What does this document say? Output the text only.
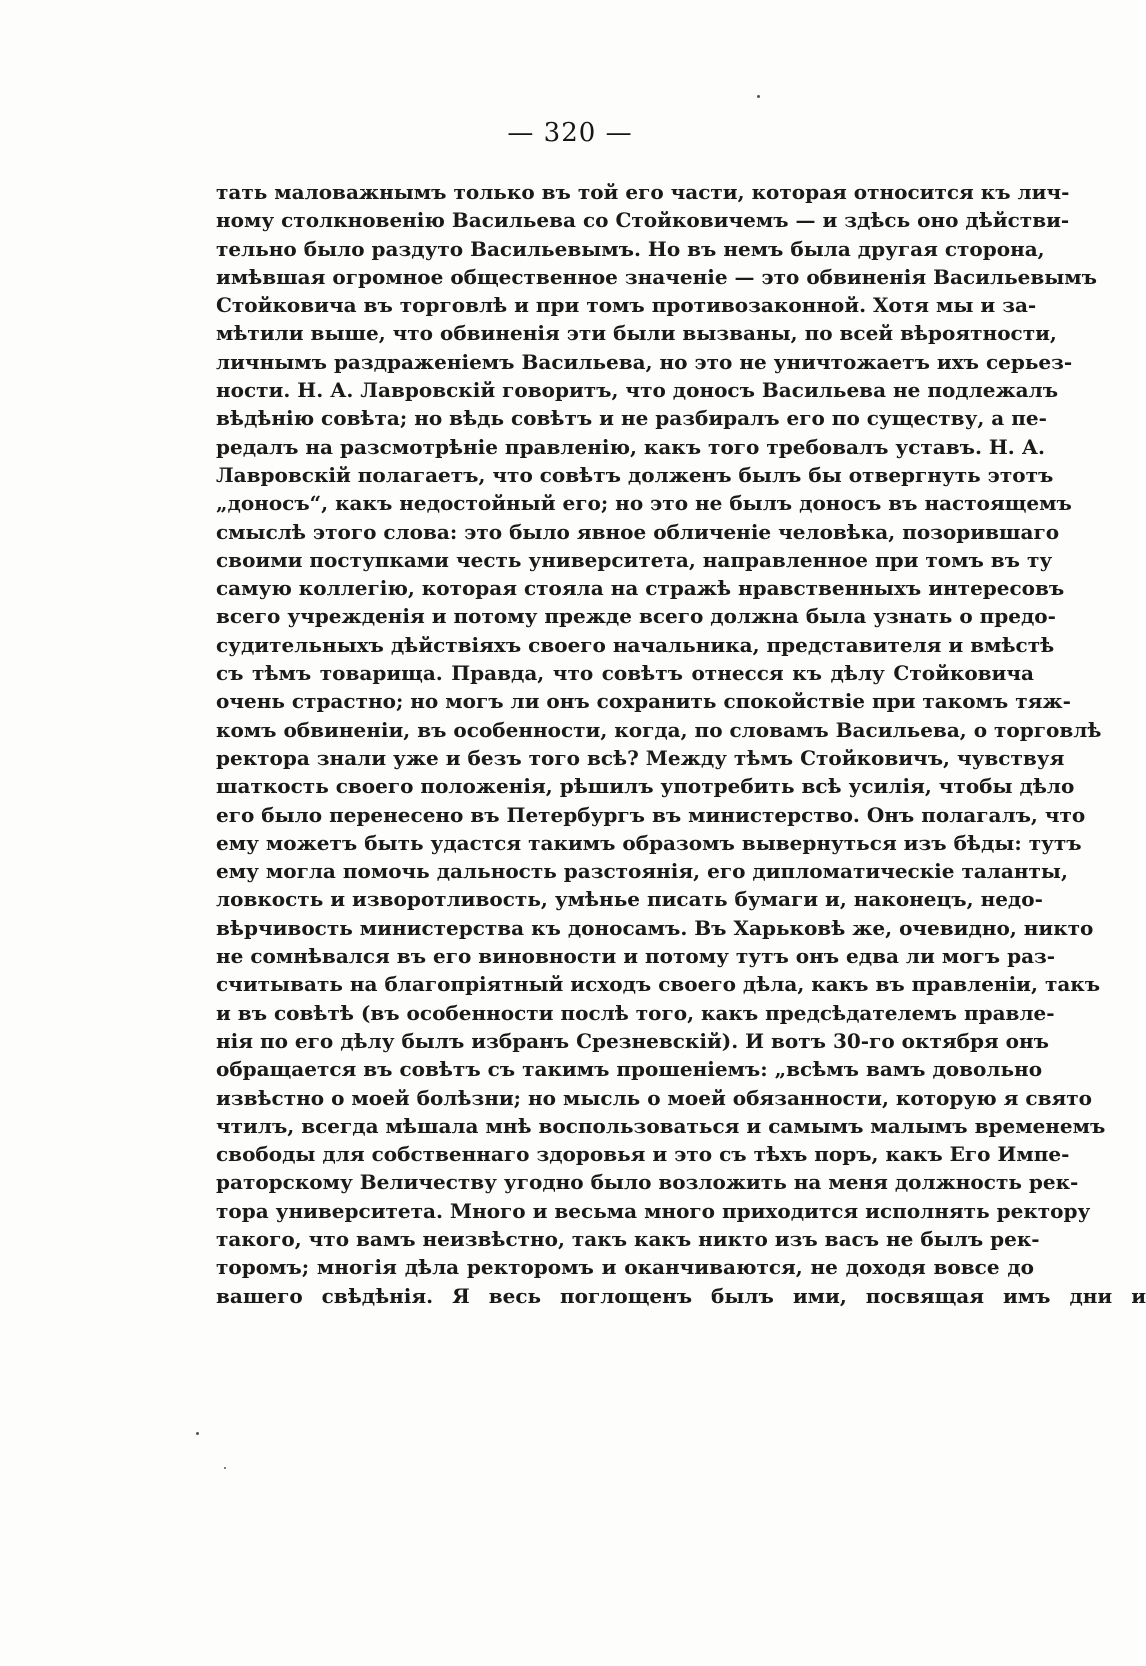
— 320 —
тать маловажнымъ только въ той его части, которая относится къ лич-
ному столкновенію Васильева со Стойковичемъ — и здѣсь оно дѣйстви-
тельно было раздуто Васильевымъ. Но въ немъ была другая сторона,
имѣвшая огромное общественное значеніе — это обвиненія Васильевымъ
Стойковича въ торговлѣ и при томъ противозаконной. Хотя мы и за-
мѣтили выше, что обвиненія эти были вызваны, по всей вѣроятности,
личнымъ раздраженіемъ Васильева, но это не уничтожаетъ ихъ серьез-
ности. Н. А. Лавровскій говоритъ, что доносъ Васильева не подлежалъ
вѣдѣнію совѣта; но вѣдь совѣтъ и не разбиралъ его по существу, а пе-
редалъ на разсмотрѣніе правленію, какъ того требовалъ уставъ. Н. А.
Лавровскій полагаетъ, что совѣтъ долженъ былъ бы отвергнуть этотъ
„доносъ“, какъ недостойный его; но это не былъ доносъ въ настоящемъ
смыслѣ этого слова: это было явное обличеніе человѣка, позорившаго
своими поступками честь университета, направленное при томъ въ ту
самую коллегію, которая стояла на стражѣ нравственныхъ интересовъ
всего учрежденія и потому прежде всего должна была узнать о предо-
судительныхъ дѣйствіяхъ своего начальника, представителя и вмѣстѣ
съ тѣмъ товарища. Правда, что совѣтъ отнесся къ дѣлу Стойковича
очень страстно; но могъ ли онъ сохранить спокойствіе при такомъ тяж-
комъ обвиненіи, въ особенности, когда, по словамъ Васильева, о торговлѣ
ректора знали уже и безъ того всѣ? Между тѣмъ Стойковичъ, чувствуя
шаткость своего положенія, рѣшилъ употребить всѣ усилія, чтобы дѣло
его было перенесено въ Петербургъ въ министерство. Онъ полагалъ, что
ему можетъ быть удастся такимъ образомъ вывернуться изъ бѣды: тутъ
ему могла помочь дальность разстоянія, его дипломатическіе таланты,
ловкость и изворотливость, умѣнье писать бумаги и, наконецъ, недо-
вѣрчивость министерства къ доносамъ. Въ Харьковѣ же, очевидно, никто
не сомнѣвался въ его виновности и потому тутъ онъ едва ли могъ раз-
считывать на благопріятный исходъ своего дѣла, какъ въ правленіи, такъ
и въ совѣтѣ (въ особенности послѣ того, какъ предсѣдателемъ правле-
нія по его дѣлу былъ избранъ Срезневскій). И вотъ 30-го октября онъ
обращается въ совѣтъ съ такимъ прошеніемъ: „всѣмъ вамъ довольно
извѣстно о моей болѣзни; но мысль о моей обязанности, которую я свято
чтилъ, всегда мѣшала мнѣ воспользоваться и самымъ малымъ временемъ
свободы для собственнаго здоровья и это съ тѣхъ поръ, какъ Его Импе-
раторскому Величеству угодно было возложить на меня должность рек-
тора университета. Много и весьма много приходится исполнять ректору
такого, что вамъ неизвѣстно, такъ какъ никто изъ васъ не былъ рек-
торомъ; многія дѣла ректоромъ и оканчиваются, не доходя вовсе до
вашего свѣдѣнія. Я весь поглощенъ былъ ими, посвящая имъ дни и
